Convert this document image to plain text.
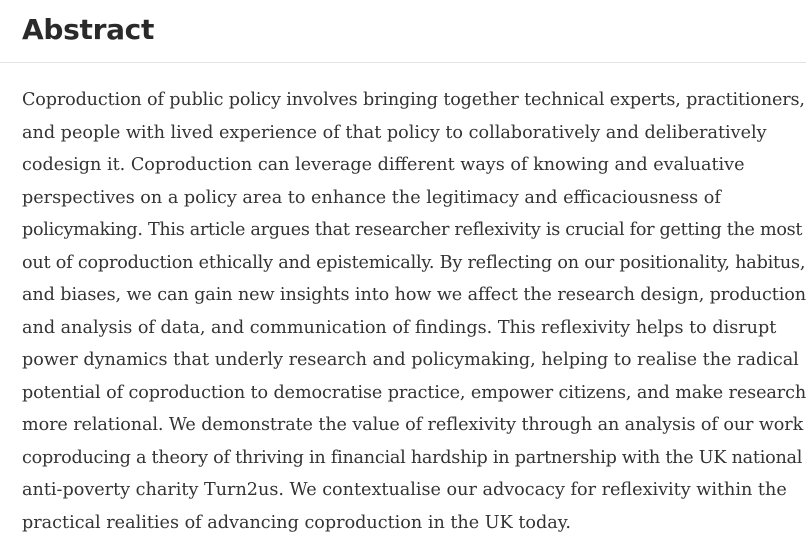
Abstract

Coproduction of public policy involves bringing together technical experts, practitioners,
and people with lived experience of that policy to collaboratively and deliberatively
codesign it. Coproduction can leverage different ways of knowing and evaluative
perspectives on a policy area to enhance the legitimacy and efficaciousness of
policymaking. This article argues that researcher reflexivity is crucial for getting the most
out of coproduction ethically and epistemically. By reflecting on our positionality, habitus,
and biases, we can gain new insights into how we affect the research design, production
and analysis of data, and communication of findings. This reflexivity helps to disrupt
power dynamics that underly research and policymaking, helping to realise the radical
potential of coproduction to democratise practice, empower citizens, and make research
more relational. We demonstrate the value of reflexivity through an analysis of our work
coproducing a theory of thriving in financial hardship in partnership with the UK national
anti-poverty charity Turn2us. We contextualise our advocacy for reflexivity within the
practical realities of advancing coproduction in the UK today.
